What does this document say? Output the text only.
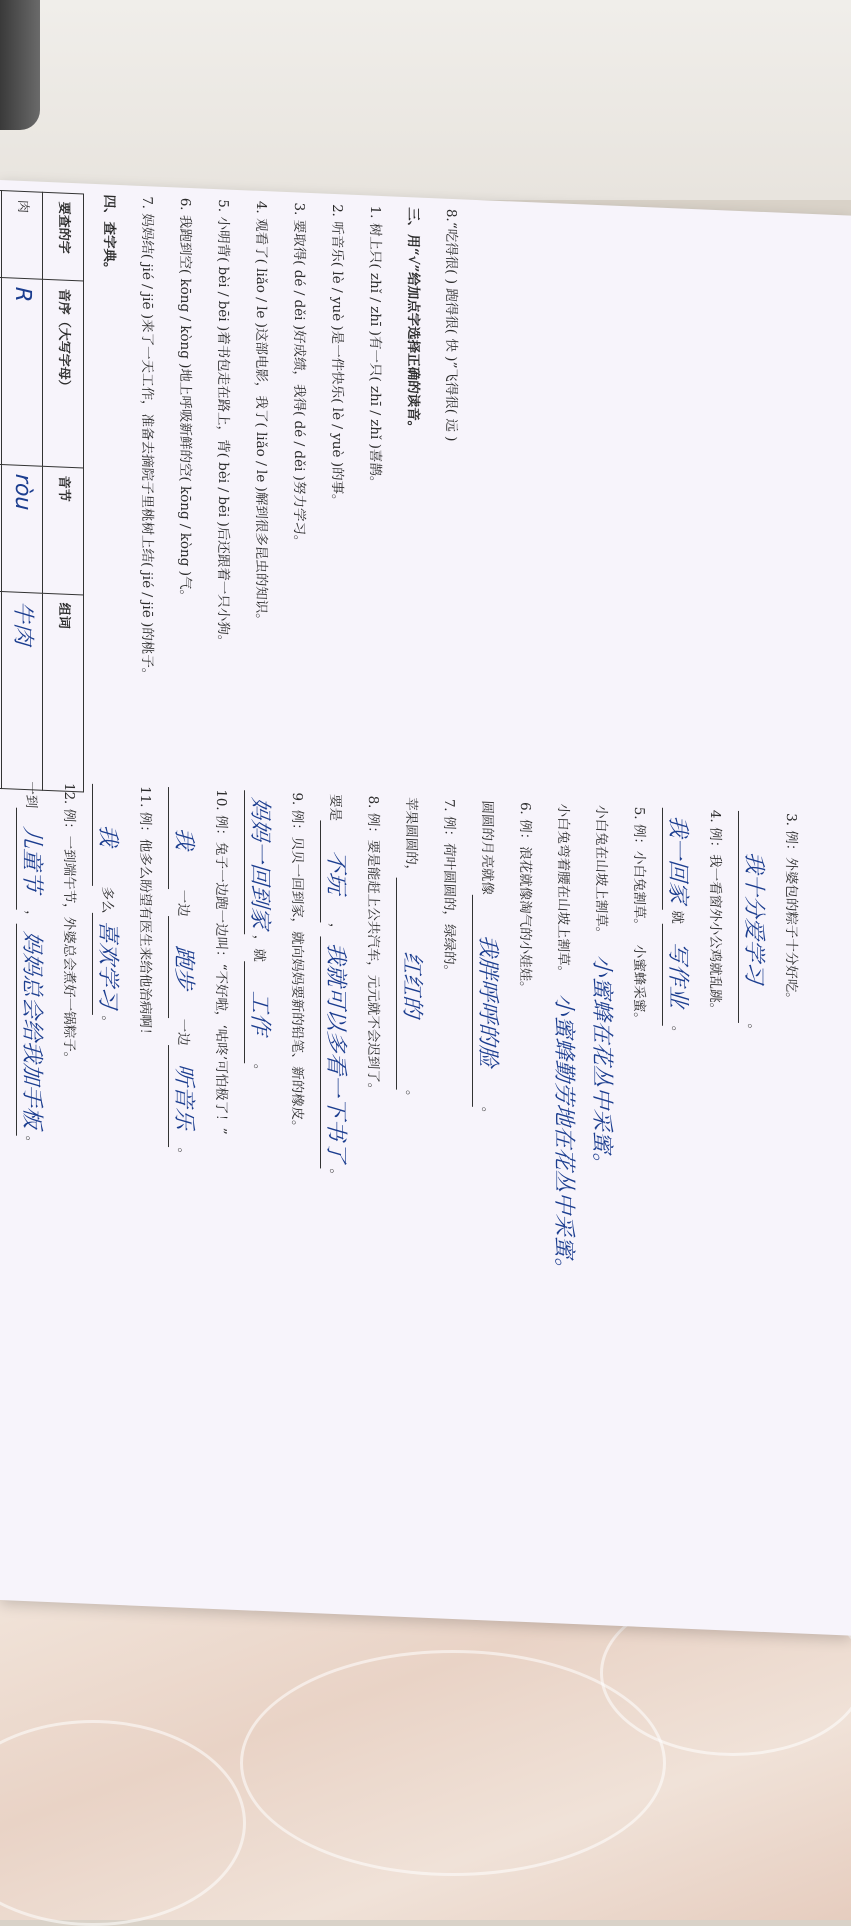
8.“吃得很( ) 跑得很( 快 )”飞得很( 远 )

三、用“√”给加点字选择正确的读音。

1. 树上只( zhǐ / zhī )有一只( zhī / zhǐ )喜鹊。

2. 听音乐( lè / yuè )是一件快乐( lè / yuè )的事。

3. 要取得( dé / děi )好成绩，我得( dé / děi )努力学习。

4. 观看了( liǎo / le )这部电影，我了( liǎo / le )解到很多昆虫的知识。

5. 小明背( bèi / bēi )着书包走在路上，背( bèi / bēi )后还跟着一只小狗。

6. 我跑到空( kōng / kòng )地上呼吸新鲜的空( kōng / kòng )气。

7. 妈妈结( jié / jiē )来了一天工作，准备去摘院子里桃树上结( jié / jiē )的桃子。

四、查字典。

要查的字	音序（大写字母）	音节	组词
肉	R	ròu	牛肉

3. 例：外婆包的粽子十分好吃。

我十分爱学习
。

4. 例：我一看窗外小公鸡就乱跳。

我一回家
就
写作业
。

5. 例：小白兔割草。

小蜜蜂采蜜。

小白兔在山坡上割草。

小蜜蜂在花丛中采蜜。

小白兔弯着腰在山坡上割草。

小蜜蜂勤劳地在花丛中采蜜。

6. 例：浪花就像淘气的小娃娃。

圆圆的月亮就像
我胖呼呼的脸
。

7. 例：荷叶圆圆的，绿绿的。

苹果圆圆的，
红红的
。

8. 例：要是能赶上公共汽车，元元就不会迟到了。

要是
不玩
，
我就可以多看一下书了
。

9. 例：贝贝一回到家，就向妈妈要新的铅笔、新的橡皮。

妈妈一回到家
，
就
工作
。

10. 例：兔子一边跑一边叫：“不好啦，‘咕咚’可怕极了！”

我
一边
跑步
一边
听音乐
。

11. 例：他多么盼望有医生来给他治病啊！

我
多么
喜欢学习
。

12. 例：一到端午节，外婆总会煮好一锅粽子。

一到
儿童节
，
妈妈总会给我加手板
。
